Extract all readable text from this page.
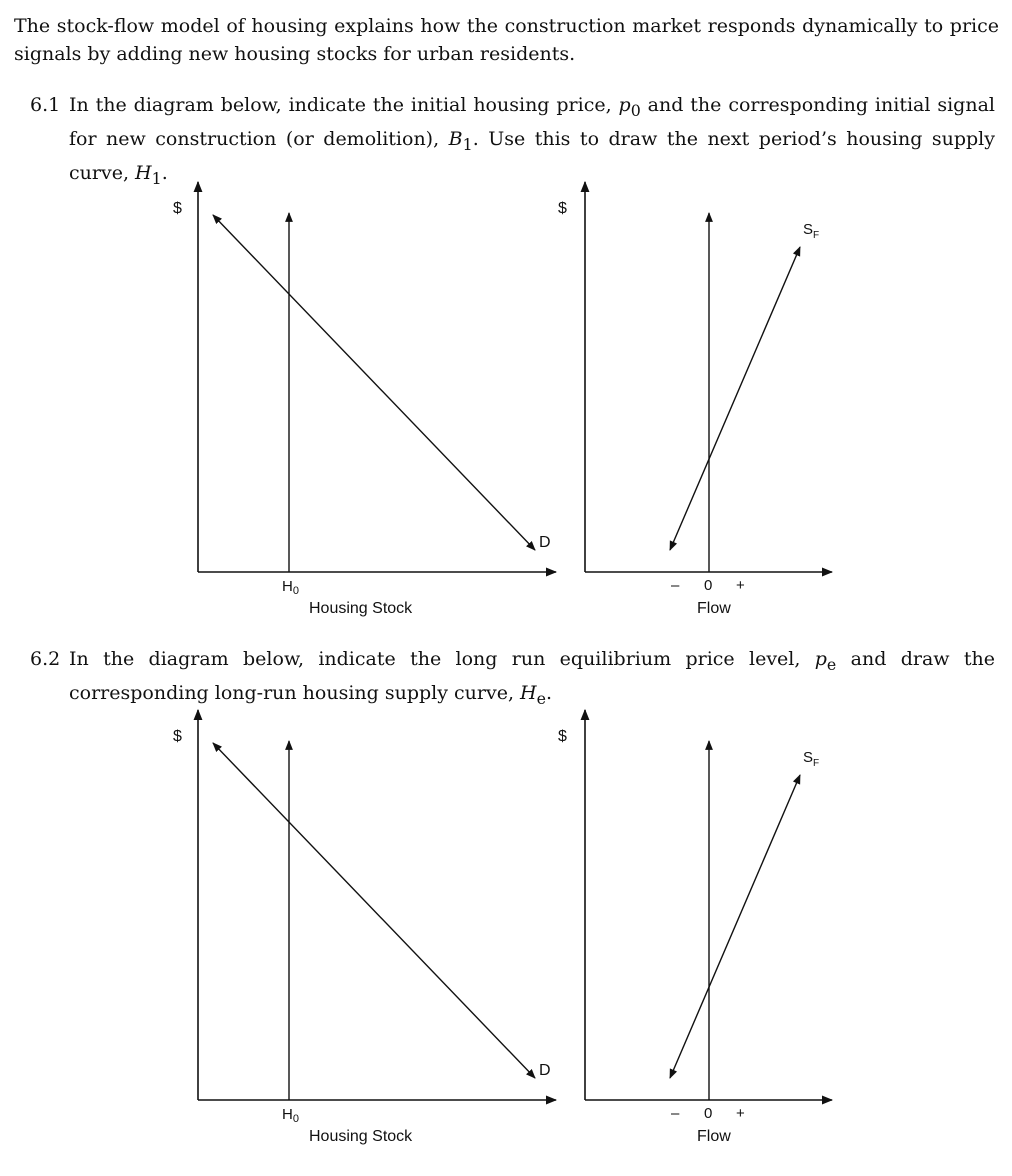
The stock-flow model of housing explains how the construction market responds dynamically to price signals by adding new housing stocks for urban residents.
6.1 In the diagram below, indicate the initial housing price, $p_0$ and the corresponding initial signal for new construction (or demolition), $B_1$. Use this to draw the next period’s housing supply curve, $H_1$.
$
D
$H_0$
Housing Stock
$
$S_F$
– 0 +
Flow
6.2 In the diagram below, indicate the long run equilibrium price level, $p_e$ and draw the corresponding long-run housing supply curve, $H_e$.
$
D
$H_0$
Housing Stock
$
$S_F$
– 0 +
Flow
